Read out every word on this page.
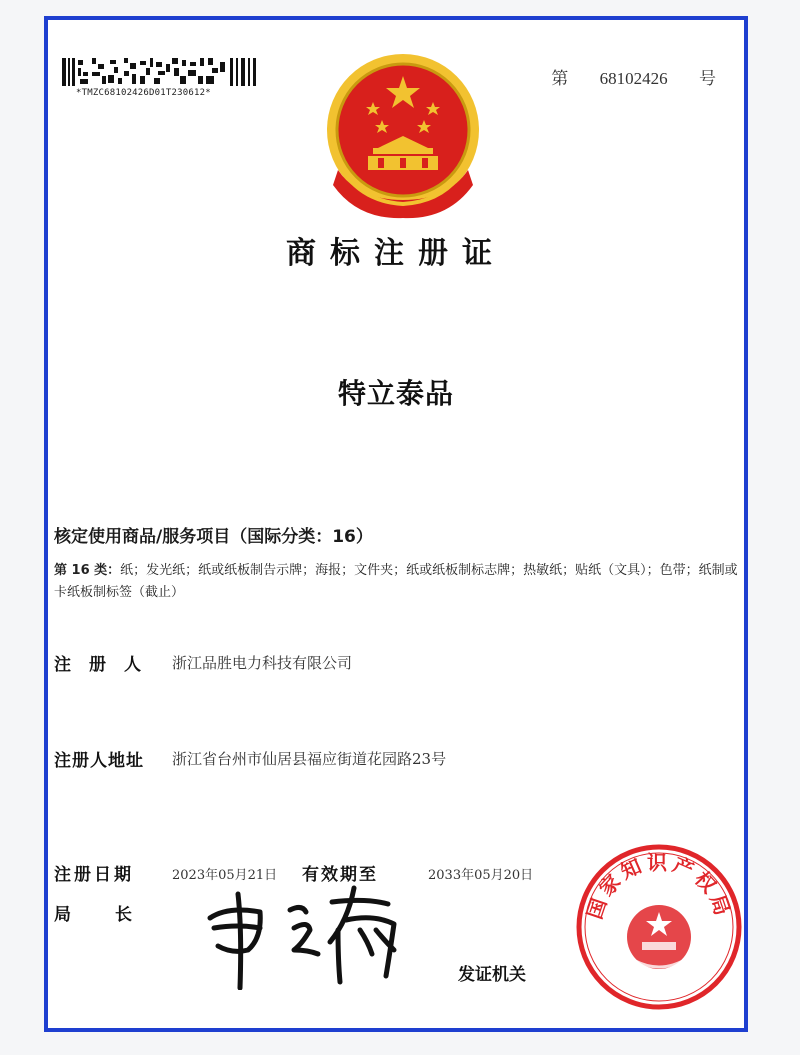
*TMZC68102426D01T230612*
第 68102426 号
商标注册证
特立泰品
核定使用商品/服务项目（国际分类：16）
第 16 类：纸；发光纸；纸或纸板制告示牌；海报；文件夹；纸或纸板制标志牌；热敏纸；贴纸（文具）；色带；纸制或卡纸板制标签（截止）
注册人 浙江品胜电力科技有限公司
注册人地址 浙江省台州市仙居县福应街道花园路23号
注册日期	2023年05月21日 有效期至	2033年05月20日
局长
发证机关
国家知识产权局
